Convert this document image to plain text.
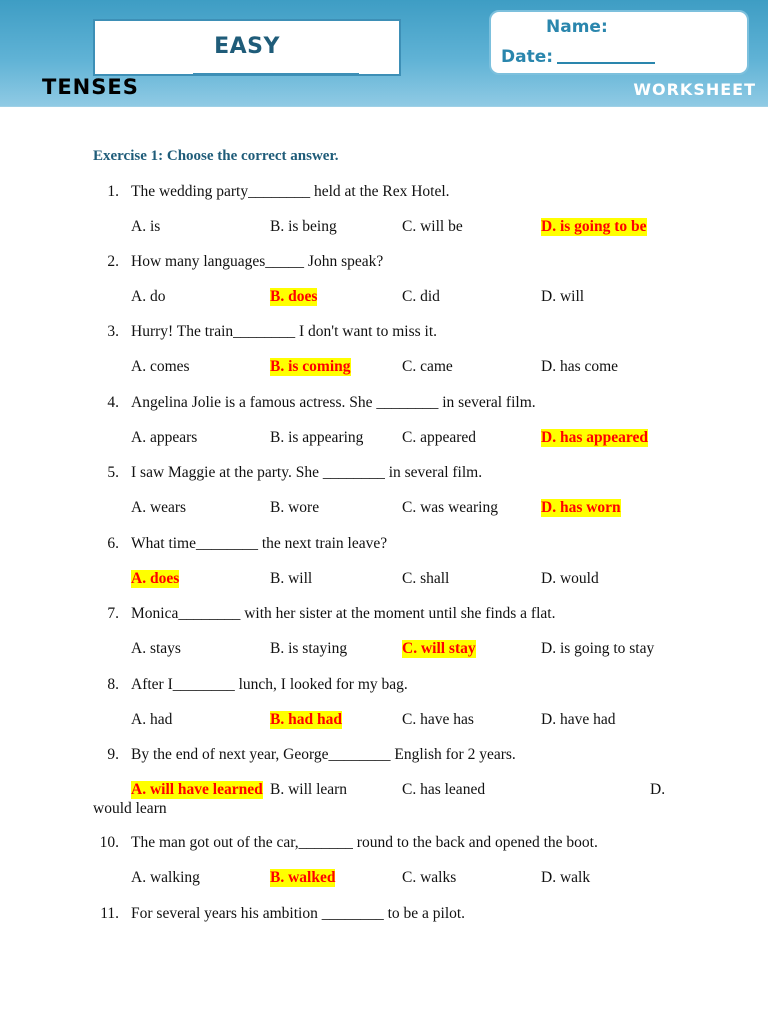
EASY
Name:
Date:
TENSES	WORKSHEET
Exercise 1: Choose the correct answer.
1. The wedding party________ held at the Rex Hotel.
A. is	B. is being	C. will be	D. is going to be
2. How many languages_____ John speak?
A. do	B. does	C. did	D. will
3. Hurry! The train________ I don't want to miss it.
A. comes	B. is coming	C. came	D. has come
4. Angelina Jolie is a famous actress. She ________ in several film.
A. appears	B. is appearing C. appeared	D. has appeared
5. I saw Maggie at the party. She ________ in several film.
A. wears	B. wore	C. was wearing	D. has worn
6. What time________ the next train leave?
A. does	B. will	C. shall	D. would
7. Monica________ with her sister at the moment until she finds a flat.
A. stays	B. is staying	C. will stay	D. is going to stay
8. After I________ lunch, I looked for my bag.
A. had	B. had had	C. have has	D. have had
9. By the end of next year, George________ English for 2 years.
A. will have learned B. will learn	C. has leaned	D.
would learn
10. The man got out of the car,_______ round to the back and opened the boot.
A. walking	B. walked	C. walks	D. walk
11. For several years his ambition ________ to be a pilot.
